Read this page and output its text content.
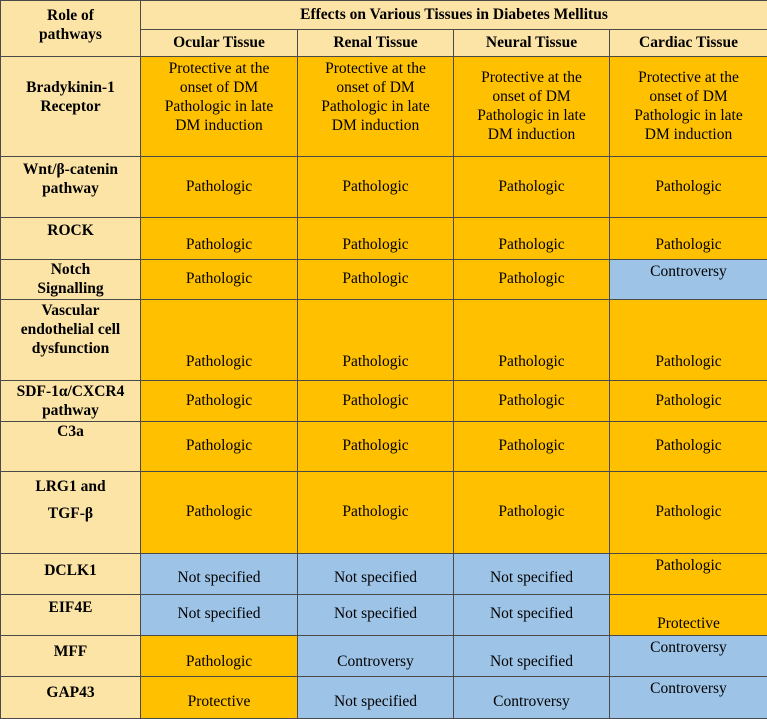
Role of
pathways	Effects on Various Tissues in Diabetes Mellitus			
	Ocular Tissue	Renal Tissue	Neural Tissue	Cardiac Tissue
Bradykinin-1
Receptor	Protective at the
onset of DM
Pathologic in late
DM induction	Protective at the
onset of DM
Pathologic in late
DM induction	Protective at the
onset of DM
Pathologic in late
DM induction	Protective at the
onset of DM
Pathologic in late
DM induction
Wnt/β-catenin
pathway	Pathologic	Pathologic	Pathologic	Pathologic
ROCK	Pathologic	Pathologic	Pathologic	Pathologic
Notch
Signalling	Pathologic	Pathologic	Pathologic	Controversy
Vascular
endothelial cell
dysfunction	Pathologic	Pathologic	Pathologic	Pathologic
SDF-1α/CXCR4
pathway	Pathologic	Pathologic	Pathologic	Pathologic
C3a	Pathologic	Pathologic	Pathologic	Pathologic
LRG1 and
TGF-β	Pathologic	Pathologic	Pathologic	Pathologic
DCLK1	Not specified	Not specified	Not specified	Pathologic
EIF4E	Not specified	Not specified	Not specified	Protective
MFF	Pathologic	Controversy	Not specified	Controversy
GAP43	Protective	Not specified	Controversy	Controversy
